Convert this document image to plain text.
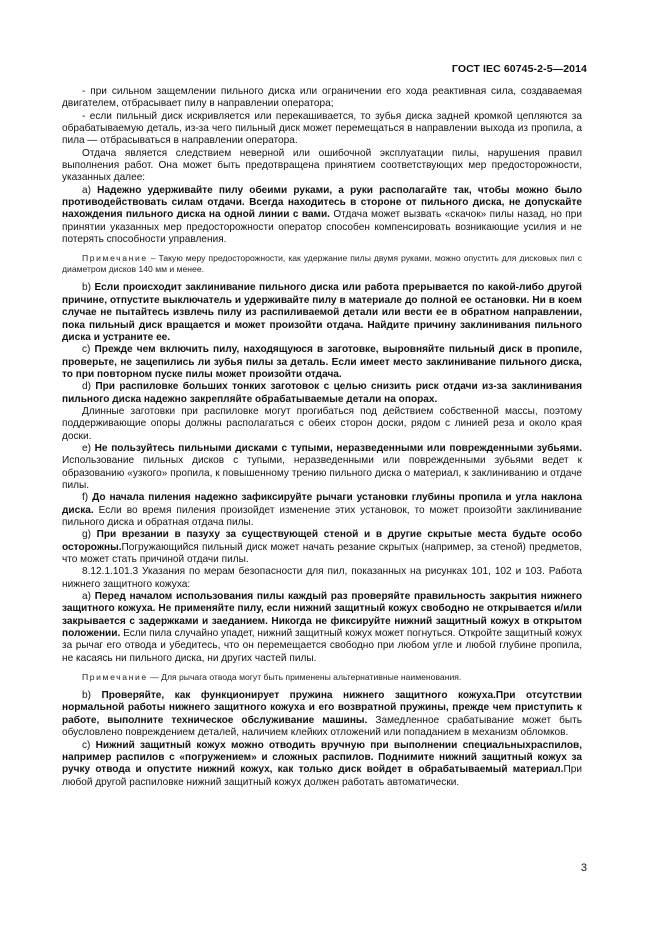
ГОСТ IEC 60745-2-5—2014

- при сильном защемлении пильного диска или ограничении его хода реактивная сила, создаваемая двигателем, отбрасывает пилу в направлении оператора;

- если пильный диск искривляется или перекашивается, то зубья диска задней кромкой цепляются за обрабатываемую деталь, из-за чего пильный диск может перемещаться в направлении выхода из пропила, а пила — отбрасываться в направлении оператора.

Отдача является следствием неверной или ошибочной эксплуатации пилы, нарушения правил выполнения работ. Она может быть предотвращена принятием соответствующих мер предосторожности, указанных далее:

a) Надежно удерживайте пилу обеими руками, а руки располагайте так, чтобы можно было противодействовать силам отдачи. Всегда находитесь в стороне от пильного диска, не допускайте нахождения пильного диска на одной линии с вами. Отдача может вызвать «скачок» пилы назад, но при принятии указанных мер предосторожности оператор способен компенсировать возникающие усилия и не потерять способности управления.

Примечание – Такую меру предосторожности, как удержание пилы двумя руками, можно опустить для дисковых пил с диаметром дисков 140 мм и менее.

b) Если происходит заклинивание пильного диска или работа прерывается по какой-либо другой причине, отпустите выключатель и удерживайте пилу в материале до полной ее остановки. Ни в коем случае не пытайтесь извлечь пилу из распиливаемой детали или вести ее в обратном направлении, пока пильный диск вращается и может произойти отдача. Найдите причину заклинивания пильного диска и устраните ее.

c) Прежде чем включить пилу, находящуюся в заготовке, выровняйте пильный диск в пропиле, проверьте, не зацепились ли зубья пилы за деталь. Если имеет место заклинивание пильного диска, то при повторном пуске пилы может произойти отдача.

d) При распиловке больших тонких заготовок с целью снизить риск отдачи из-за заклинивания пильного диска надежно закрепляйте обрабатываемые детали на опорах.

Длинные заготовки при распиловке могут прогибаться под действием собственной массы, поэтому поддерживающие опоры должны располагаться с обеих сторон доски, рядом с линией реза и около края доски.

e) Не пользуйтесь пильными дисками с тупыми, неразведенными или поврежденными зубьями. Использование пильных дисков с тупыми, неразведенными или поврежденными зубьями ведет к образованию «узкого» пропила, к повышенному трению пильного диска о материал, к заклиниванию и отдаче пилы.

f) До начала пиления надежно зафиксируйте рычаги установки глубины пропила и угла наклона диска. Если во время пиления произойдет изменение этих установок, то может произойти заклинивание пильного диска и обратная отдача пилы.

g) При врезании в пазуху за существующей стеной и в другие скрытые места будьте особо осторожны.Погружающийся пильный диск может начать резание скрытых (например, за стеной) предметов, что может стать причиной отдачи пилы.

8.12.1.101.3 Указания по мерам безопасности для пил, показанных на рисунках 101, 102 и 103. Работа нижнего защитного кожуха:

a) Перед началом использования пилы каждый раз проверяйте правильность закрытия нижнего защитного кожуха. Не применяйте пилу, если нижний защитный кожух свободно не открывается и/или закрывается с задержками и заеданием. Никогда не фиксируйте нижний защитный кожух в открытом положении. Если пила случайно упадет, нижний защитный кожух может погнуться. Откройте защитный кожух за рычаг его отвода и убедитесь, что он перемещается свободно при любом угле и любой глубине пропила, не касаясь ни пильного диска, ни других частей пилы.

Примечание — Для рычага отвода могут быть применены альтернативные наименования.

b) Проверяйте, как функционирует пружина нижнего защитного кожуха.При отсутствии нормальной работы нижнего защитного кожуха и его возвратной пружины, прежде чем приступить к работе, выполните техническое обслуживание машины. Замедленное срабатывание может быть обусловлено повреждением деталей, наличием клейких отложений или попаданием в механизм обломков.

c) Нижний защитный кожух можно отводить вручную при выполнении специальныхраспилов, например распилов с «погружением» и сложных распилов. Поднимите нижний защитный кожух за ручку отвода и опустите нижний кожух, как только диск войдет в обрабатываемый материал.При любой другой распиловке нижний защитный кожух должен работать автоматически.

3
